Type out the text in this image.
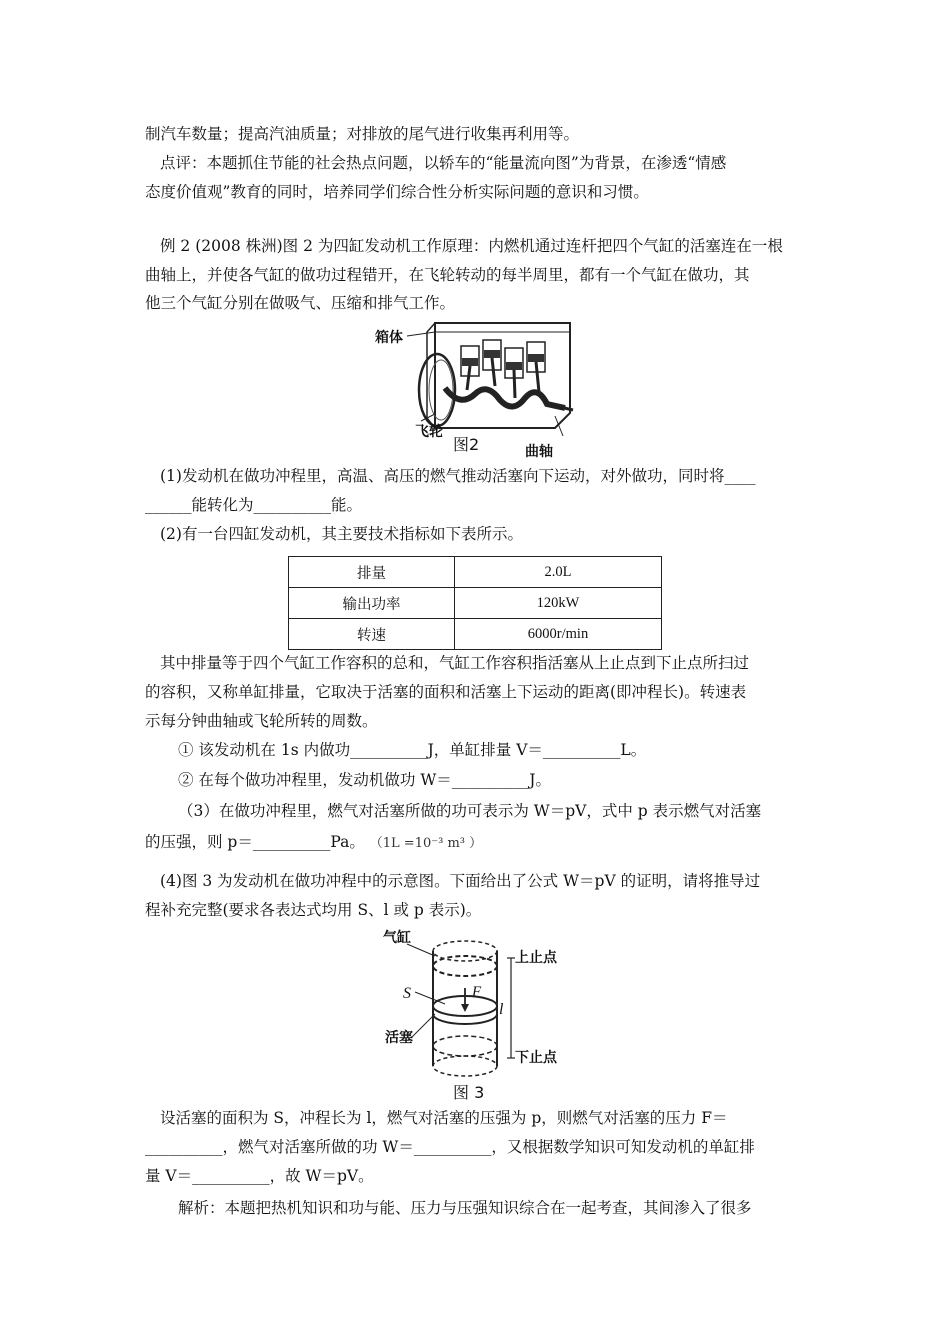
制汽车数量；提高汽油质量；对排放的尾气进行收集再利用等。
点评：本题抓住节能的社会热点问题，以轿车的“能量流向图”为背景，在渗透“情感
态度价值观”教育的同时，培养同学们综合性分析实际问题的意识和习惯。
例 2 (2008 株洲)图 2 为四缸发动机工作原理：内燃机通过连杆把四个气缸的活塞连在一根
曲轴上，并使各气缸的做功过程错开，在飞轮转动的每半周里，都有一个气缸在做功，其
他三个气缸分别在做吸气、压缩和排气工作。
箱体
飞轮
曲轴
图2
(1)发动机在做功冲程里，高温、高压的燃气推动活塞向下运动，对外做功，同时将____
______能转化为__________能。
(2)有一台四缸发动机，其主要技术指标如下表所示。
排量	2.0L
输出功率	120kW
转速	6000r/min
其中排量等于四个气缸工作容积的总和，气缸工作容积指活塞从上止点到下止点所扫过
的容积，又称单缸排量，它取决于活塞的面积和活塞上下运动的距离(即冲程长)。转速表
示每分钟曲轴或飞轮所转的周数。
① 该发动机在 1s 内做功__________J，单缸排量 V＝__________L。
② 在每个做功冲程里，发动机做功 W＝__________J。
（3）在做功冲程里，燃气对活塞所做的功可表示为 W＝pV，式中 p 表示燃气对活塞
的压强，则 p＝__________Pa。 （1L =10⁻³ m³ ）
(4)图 3 为发动机在做功冲程中的示意图。下面给出了公式 W＝pV 的证明，请将推导过
程补充完整(要求各表达式均用 S、l 或 p 表示)。
气缸
S	F
l
上止点
下止点
活塞
图 3
设活塞的面积为 S，冲程长为 l，燃气对活塞的压强为 p，则燃气对活塞的压力 F＝
__________，燃气对活塞所做的功 W＝__________，又根据数学知识可知发动机的单缸排
量 V＝__________，故 W＝pV。
解析：本题把热机知识和功与能、压力与压强知识综合在一起考查，其间渗入了很多
